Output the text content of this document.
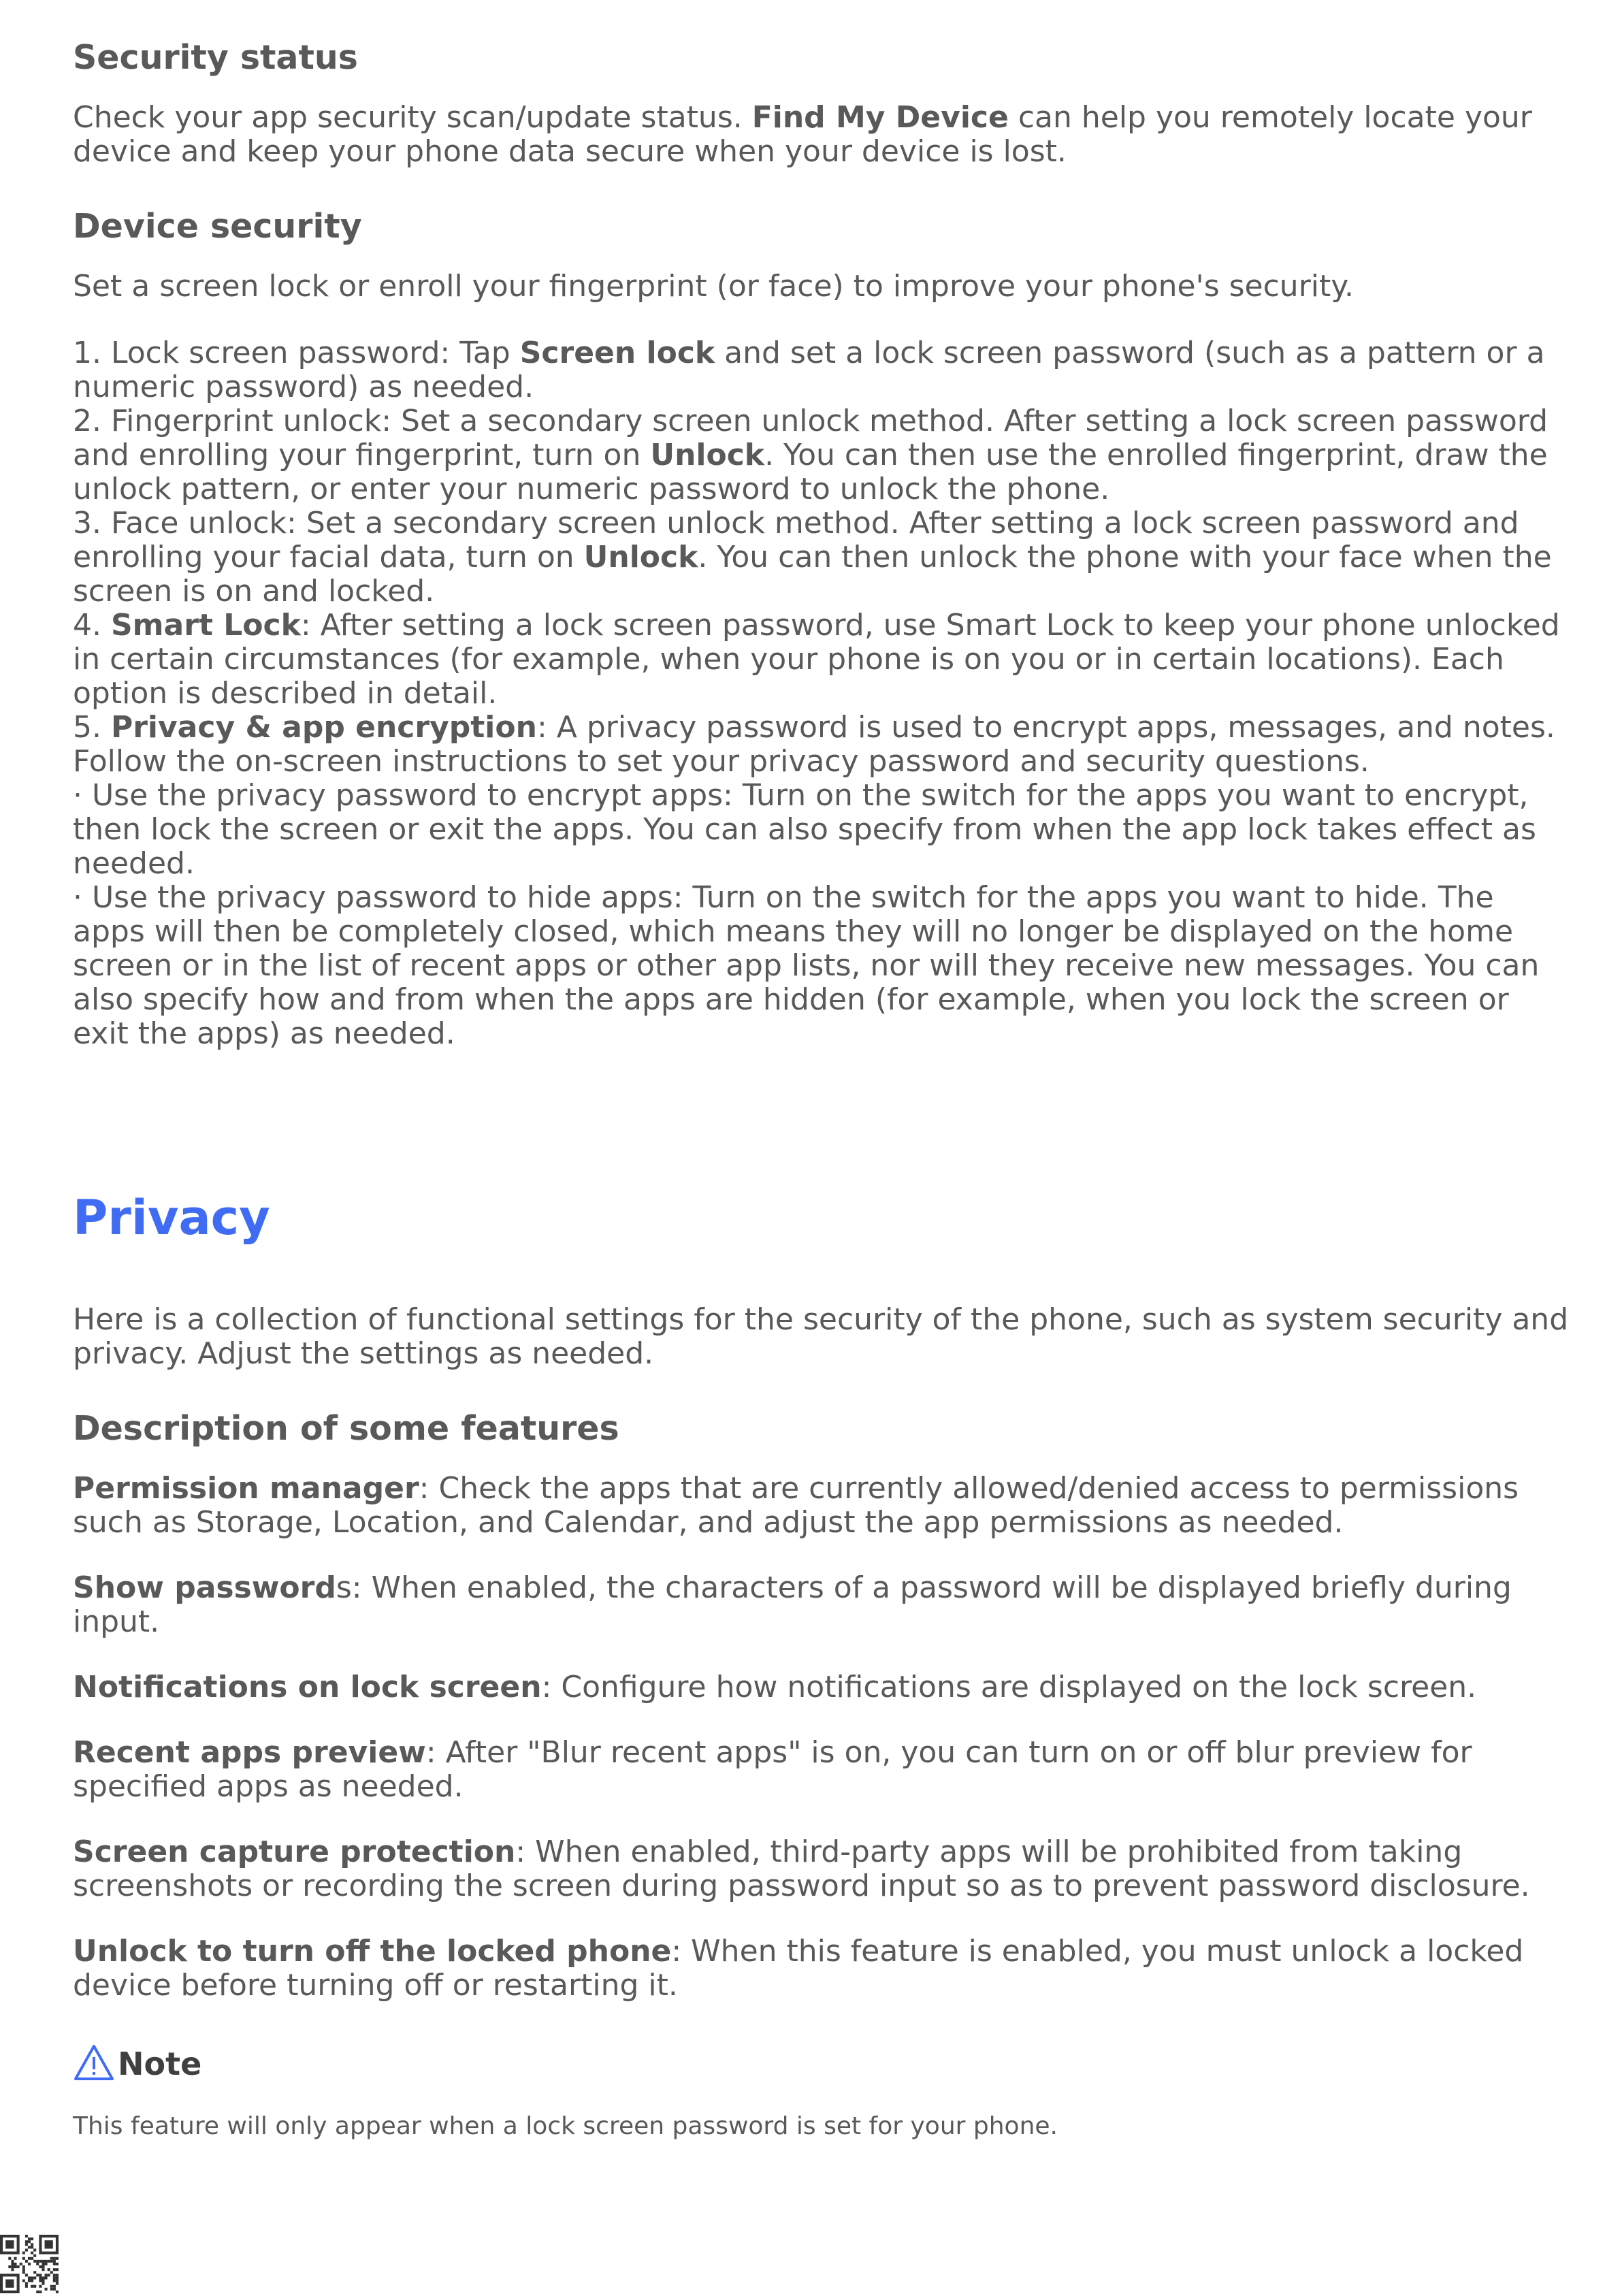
Security status

Check your app security scan/update status. Find My Device can help you remotely locate your device and keep your phone data secure when your device is lost.

Device security

Set a screen lock or enroll your fingerprint (or face) to improve your phone's security.

1. Lock screen password: Tap Screen lock and set a lock screen password (such as a pattern or a numeric password) as needed.

2. Fingerprint unlock: Set a secondary screen unlock method. After setting a lock screen password and enrolling your fingerprint, turn on Unlock. You can then use the enrolled fingerprint, draw the unlock pattern, or enter your numeric password to unlock the phone.

3. Face unlock: Set a secondary screen unlock method. After setting a lock screen password and enrolling your facial data, turn on Unlock. You can then unlock the phone with your face when the screen is on and locked.

4. Smart Lock: After setting a lock screen password, use Smart Lock to keep your phone unlocked in certain circumstances (for example, when your phone is on you or in certain locations). Each option is described in detail.

5. Privacy & app encryption: A privacy password is used to encrypt apps, messages, and notes. Follow the on-screen instructions to set your privacy password and security questions.

· Use the privacy password to encrypt apps: Turn on the switch for the apps you want to encrypt, then lock the screen or exit the apps. You can also specify from when the app lock takes effect as needed.

· Use the privacy password to hide apps: Turn on the switch for the apps you want to hide. The apps will then be completely closed, which means they will no longer be displayed on the home screen or in the list of recent apps or other app lists, nor will they receive new messages. You can also specify how and from when the apps are hidden (for example, when you lock the screen or exit the apps) as needed.

Privacy

Here is a collection of functional settings for the security of the phone, such as system security and privacy. Adjust the settings as needed.

Description of some features

Permission manager: Check the apps that are currently allowed/denied access to permissions such as Storage, Location, and Calendar, and adjust the app permissions as needed.

Show passwords: When enabled, the characters of a password will be displayed briefly during input.

Notifications on lock screen: Configure how notifications are displayed on the lock screen.

Recent apps preview: After "Blur recent apps" is on, you can turn on or off blur preview for specified apps as needed.

Screen capture protection: When enabled, third-party apps will be prohibited from taking screenshots or recording the screen during password input so as to prevent password disclosure.

Unlock to turn off the locked phone: When this feature is enabled, you must unlock a locked device before turning off or restarting it.

Note

This feature will only appear when a lock screen password is set for your phone.
